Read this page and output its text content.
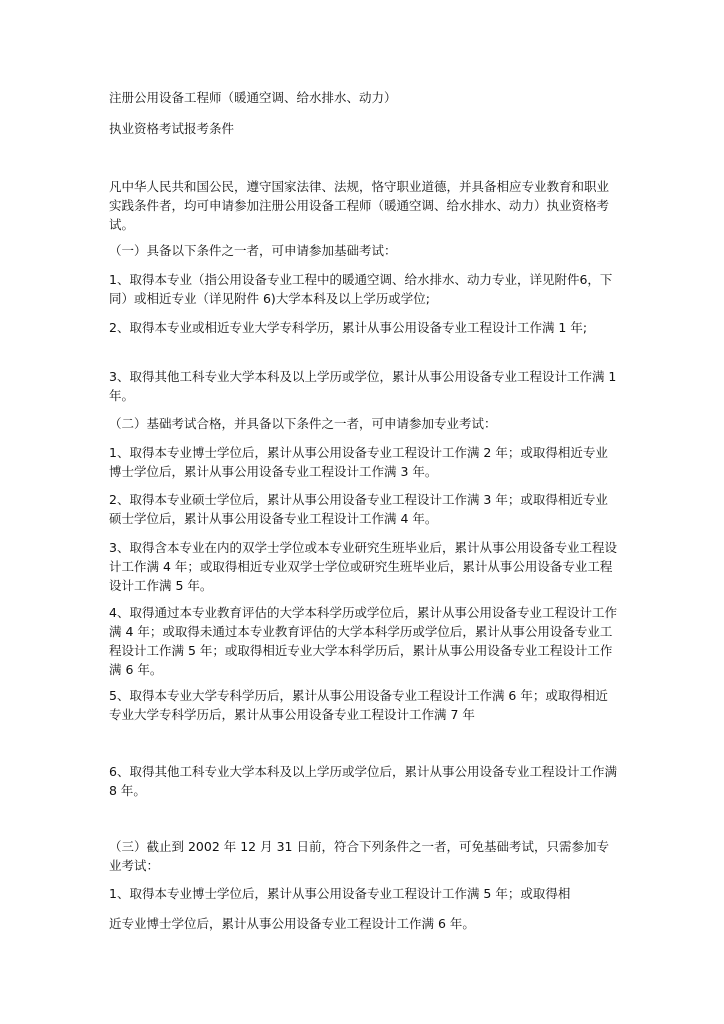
注册公用设备工程师（暖通空调、给水排水、动力）

执业资格考试报考条件

凡中华人民共和国公民，遵守国家法律、法规，恪守职业道德，并具备相应专业教育和职业实践条件者，均可申请参加注册公用设备工程师（暖通空调、给水排水、动力）执业资格考试。

（一）具备以下条件之一者，可申请参加基础考试：

1、取得本专业（指公用设备专业工程中的暖通空调、给水排水、动力专业，详见附件6，下同）或相近专业（详见附件 6)大学本科及以上学历或学位;

2、取得本专业或相近专业大学专科学历，累计从事公用设备专业工程设计工作满 1 年;

3、取得其他工科专业大学本科及以上学历或学位，累计从事公用设备专业工程设计工作满 1 年。

（二）基础考试合格，并具备以下条件之一者，可申请参加专业考试：

1、取得本专业博士学位后，累计从事公用设备专业工程设计工作满 2 年；或取得相近专业博士学位后，累计从事公用设备专业工程设计工作满 3 年。

2、取得本专业硕士学位后，累计从事公用设备专业工程设计工作满 3 年；或取得相近专业硕士学位后，累计从事公用设备专业工程设计工作满 4 年。

3、取得含本专业在内的双学士学位或本专业研究生班毕业后，累计从事公用设备专业工程设计工作满 4 年；或取得相近专业双学士学位或研究生班毕业后，累计从事公用设备专业工程设计工作满 5 年。

4、取得通过本专业教育评估的大学本科学历或学位后，累计从事公用设备专业工程设计工作满 4 年；或取得未通过本专业教育评估的大学本科学历或学位后，累计从事公用设备专业工程设计工作满 5 年；或取得相近专业大学本科学历后，累计从事公用设备专业工程设计工作满 6 年。

5、取得本专业大学专科学历后，累计从事公用设备专业工程设计工作满 6 年；或取得相近专业大学专科学历后，累计从事公用设备专业工程设计工作满 7 年

6、取得其他工科专业大学本科及以上学历或学位后，累计从事公用设备专业工程设计工作满 8 年。

（三）截止到 2002 年 12 月 31 日前，符合下列条件之一者，可免基础考试，只需参加专业考试：

1、取得本专业博士学位后，累计从事公用设备专业工程设计工作满 5 年；或取得相

近专业博士学位后，累计从事公用设备专业工程设计工作满 6 年。
